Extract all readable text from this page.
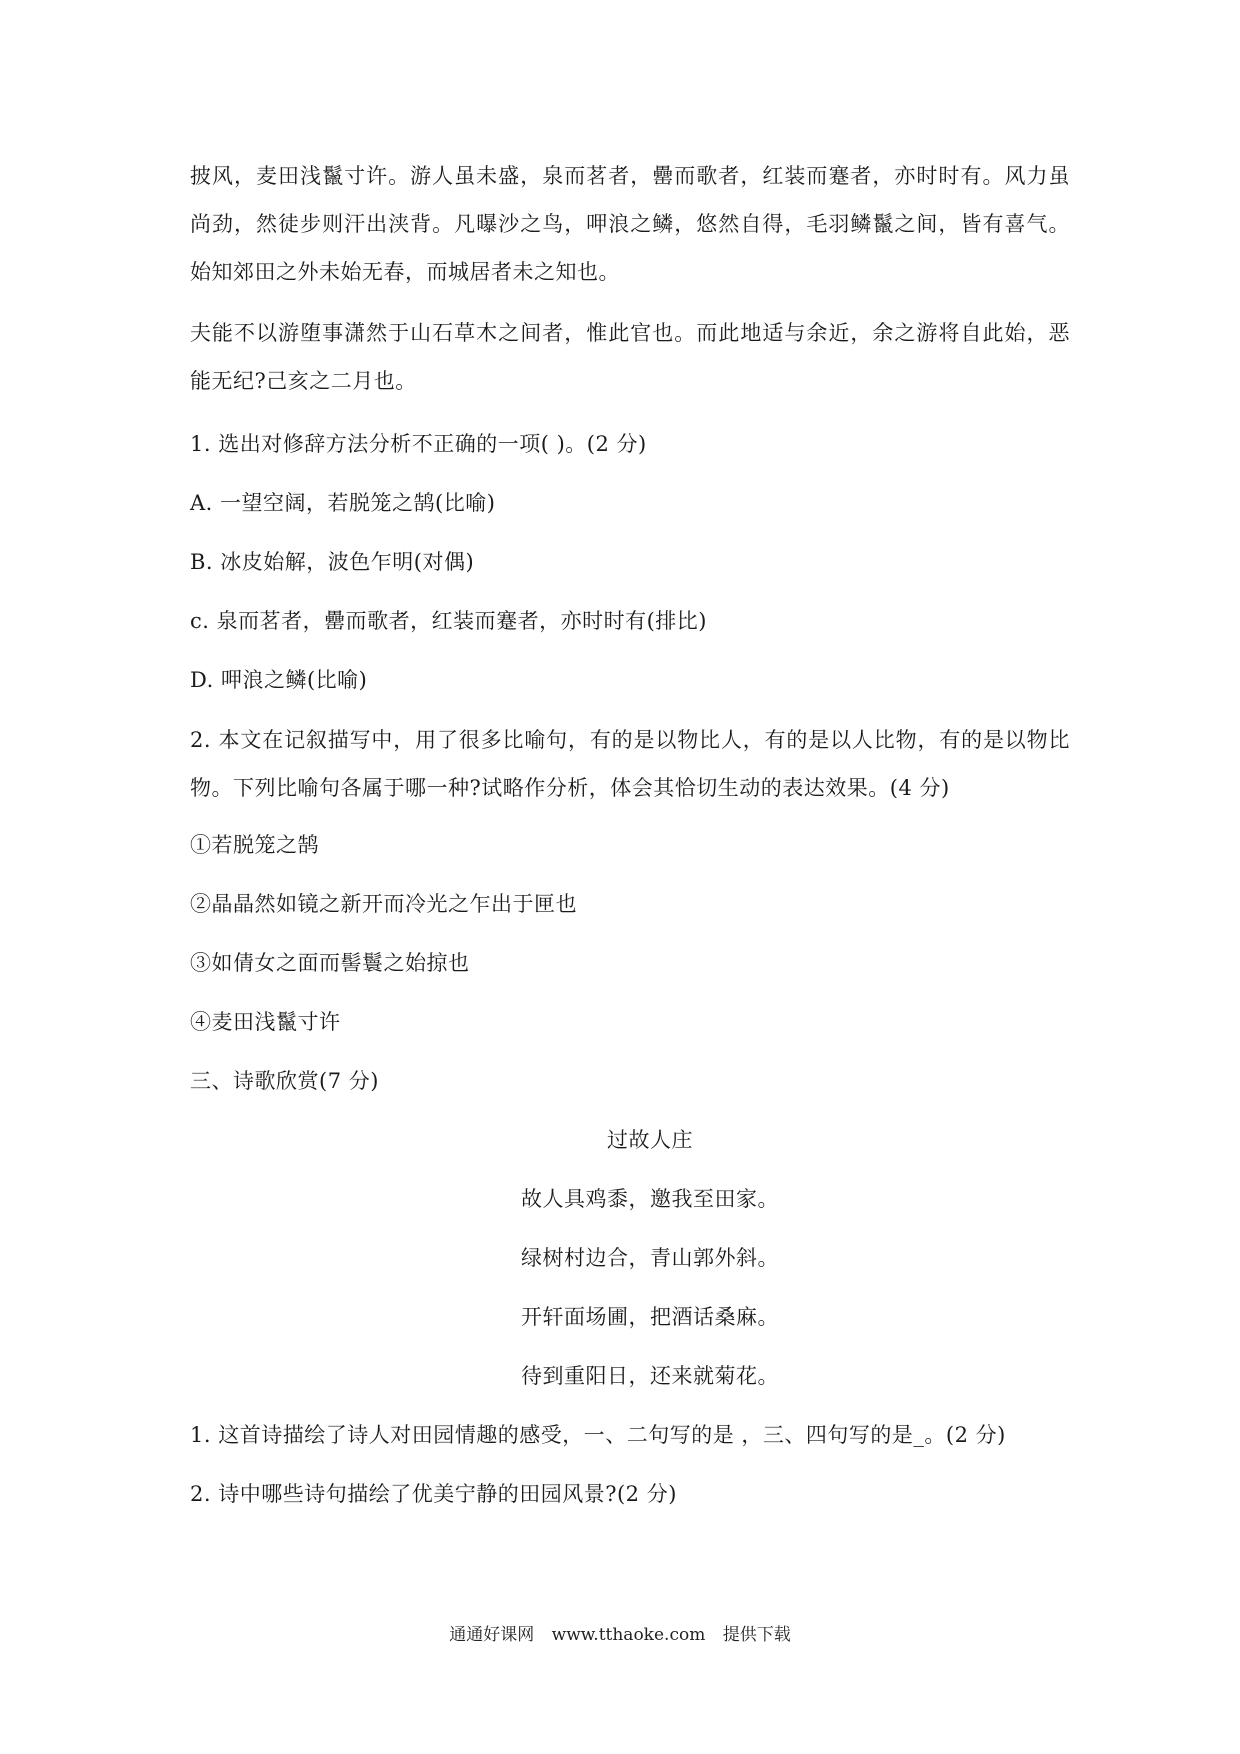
披风，麦田浅鬣寸许。游人虽未盛，泉而茗者，罍而歌者，红装而蹇者，亦时时有。风力虽尚劲，然徒步则汗出浃背。凡曝沙之鸟，呷浪之鳞，悠然自得，毛羽鳞鬣之间，皆有喜气。始知郊田之外未始无春，而城居者未之知也。

夫能不以游堕事潇然于山石草木之间者，惟此官也。而此地适与余近，余之游将自此始，恶能无纪?己亥之二月也。

1. 选出对修辞方法分析不正确的一项( )。(2 分)

A. 一望空阔，若脱笼之鹄(比喻)

B. 冰皮始解，波色乍明(对偶)

c. 泉而茗者，罍而歌者，红装而蹇者，亦时时有(排比)

D. 呷浪之鳞(比喻)

2. 本文在记叙描写中，用了很多比喻句，有的是以物比人，有的是以人比物，有的是以物比物。下列比喻句各属于哪一种?试略作分析，体会其恰切生动的表达效果。(4 分)

①若脱笼之鹄

②晶晶然如镜之新开而冷光之乍出于匣也

③如倩女之面而髻鬟之始掠也

④麦田浅鬣寸许

三、诗歌欣赏(7 分)

过故人庄

故人具鸡黍，邀我至田家。

绿树村边合，青山郭外斜。

开轩面场圃，把酒话桑麻。

待到重阳日，还来就菊花。

1. 这首诗描绘了诗人对田园情趣的感受，一、二句写的是 ，三、四句写的是_。(2 分)

2. 诗中哪些诗句描绘了优美宁静的田园风景?(2 分)

通通好课网 www.tthaoke.com 提供下载
